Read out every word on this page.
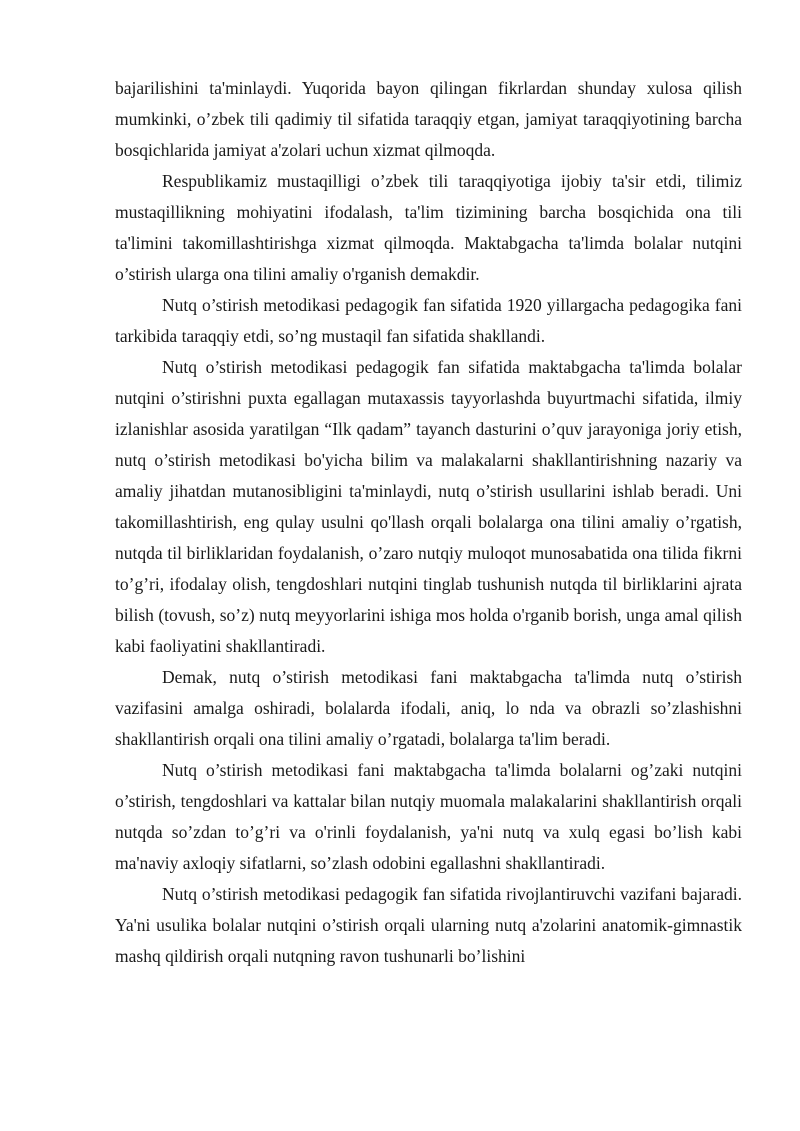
bajarilishini ta'minlaydi. Yuqorida bayon qilingan fikrlardan shunday xulosa qilish mumkinki, o’zbek tili qadimiy til sifatida taraqqiy etgan, jamiyat taraqqiyotining barcha bosqichlarida jamiyat a'zolari uchun xizmat qilmoqda.

Respublikamiz mustaqilligi o’zbek tili taraqqiyotiga ijobiy ta'sir etdi, tilimiz mustaqillikning mohiyatini ifodalash, ta'lim tizimining barcha bosqichida ona tili ta'limini takomillashtirishga xizmat qilmoqda. Maktabgacha ta'limda bolalar nutqini o’stirish ularga ona tilini amaliy o'rganish demakdir.

Nutq o’stirish metodikasi pedagogik fan sifatida 1920 yillargacha pedagogika fani tarkibida taraqqiy etdi, so’ng mustaqil fan sifatida shakllandi.

Nutq o’stirish metodikasi pedagogik fan sifatida maktabgacha ta'limda bolalar nutqini o’stirishni puxta egallagan mutaxassis tayyorlashda buyurtmachi sifatida, ilmiy izlanishlar asosida yaratilgan “Ilk qadam” tayanch dasturini o’quv jarayoniga joriy etish, nutq o’stirish metodikasi bo'yicha bilim va malakalarni shakllantirishning nazariy va amaliy jihatdan mutanosibligini ta'minlaydi, nutq o’stirish usullarini ishlab beradi. Uni takomillashtirish, eng qulay usulni qo'llash orqali bolalarga ona tilini amaliy o’rgatish, nutqda til birliklaridan foydalanish, o’zaro nutqiy muloqot munosabatida ona tilida fikrni to’g’ri, ifodalay olish, tengdoshlari nutqini tinglab tushunish nutqda til birliklarini ajrata bilish (tovush, so’z) nutq meyyorlarini ishiga mos holda o'rganib borish, unga amal qilish kabi faoliyatini shakllantiradi.

Demak, nutq o’stirish metodikasi fani maktabgacha ta'limda nutq o’stirish vazifasini amalga oshiradi, bolalarda ifodali, aniq, lo nda va obrazli so’zlashishni shakllantirish orqali ona tilini amaliy o’rgatadi, bolalarga ta'lim beradi.

Nutq o’stirish metodikasi fani maktabgacha ta'limda bolalarni og’zaki nutqini o’stirish, tengdoshlari va kattalar bilan nutqiy muomala malakalarini shakllantirish orqali nutqda so’zdan to’g’ri va o'rinli foydalanish, ya'ni nutq va xulq egasi bo’lish kabi ma'naviy axloqiy sifatlarni, so’zlash odobini egallashni shakllantiradi.

Nutq o’stirish metodikasi pedagogik fan sifatida rivojlantiruvchi vazifani bajaradi. Ya'ni usulika bolalar nutqini o’stirish orqali ularning nutq a'zolarini anatomik-gimnastik mashq qildirish orqali nutqning ravon tushunarli bo’lishini
